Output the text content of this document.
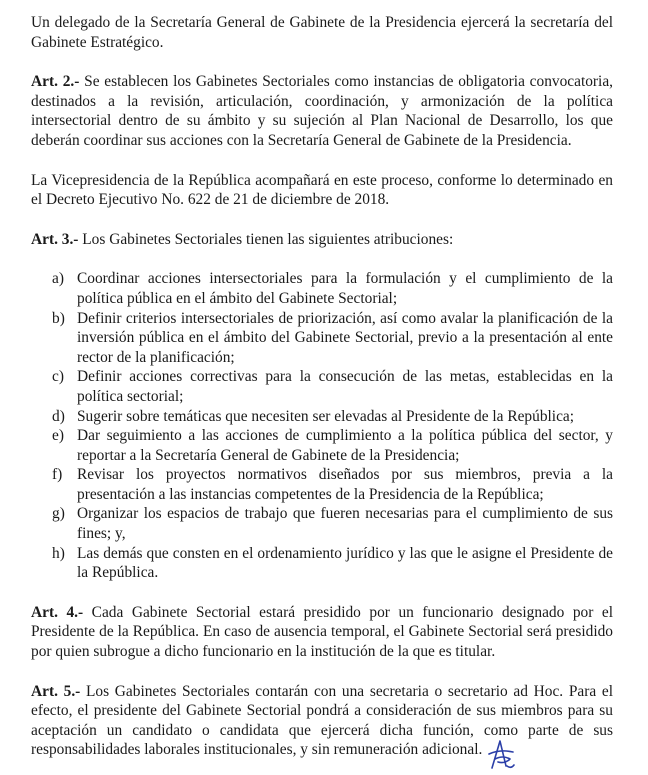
Un delegado de la Secretaría General de Gabinete de la Presidencia ejercerá la secretaría del Gabinete Estratégico.

Art. 2.- Se establecen los Gabinetes Sectoriales como instancias de obligatoria convocatoria, destinados a la revisión, articulación, coordinación, y armonización de la política intersectorial dentro de su ámbito y su sujeción al Plan Nacional de Desarrollo, los que deberán coordinar sus acciones con la Secretaría General de Gabinete de la Presidencia.

La Vicepresidencia de la República acompañará en este proceso, conforme lo determinado en el Decreto Ejecutivo No. 622 de 21 de diciembre de 2018.

Art. 3.- Los Gabinetes Sectoriales tienen las siguientes atribuciones:

a) Coordinar acciones intersectoriales para la formulación y el cumplimiento de la política pública en el ámbito del Gabinete Sectorial;
b) Definir criterios intersectoriales de priorización, así como avalar la planificación de la inversión pública en el ámbito del Gabinete Sectorial, previo a la presentación al ente rector de la planificación;
c) Definir acciones correctivas para la consecución de las metas, establecidas en la política sectorial;
d) Sugerir sobre temáticas que necesiten ser elevadas al Presidente de la República;
e) Dar seguimiento a las acciones de cumplimiento a la política pública del sector, y reportar a la Secretaría General de Gabinete de la Presidencia;
f) Revisar los proyectos normativos diseñados por sus miembros, previa a la presentación a las instancias competentes de la Presidencia de la República;
g) Organizar los espacios de trabajo que fueren necesarias para el cumplimiento de sus fines; y,
h) Las demás que consten en el ordenamiento jurídico y las que le asigne el Presidente de la República.

Art. 4.- Cada Gabinete Sectorial estará presidido por un funcionario designado por el Presidente de la República. En caso de ausencia temporal, el Gabinete Sectorial será presidido por quien subrogue a dicho funcionario en la institución de la que es titular.

Art. 5.- Los Gabinetes Sectoriales contarán con una secretaria o secretario ad Hoc. Para el efecto, el presidente del Gabinete Sectorial pondrá a consideración de sus miembros para su aceptación un candidato o candidata que ejercerá dicha función, como parte de sus responsabilidades laborales institucionales, y sin remuneración adicional.
